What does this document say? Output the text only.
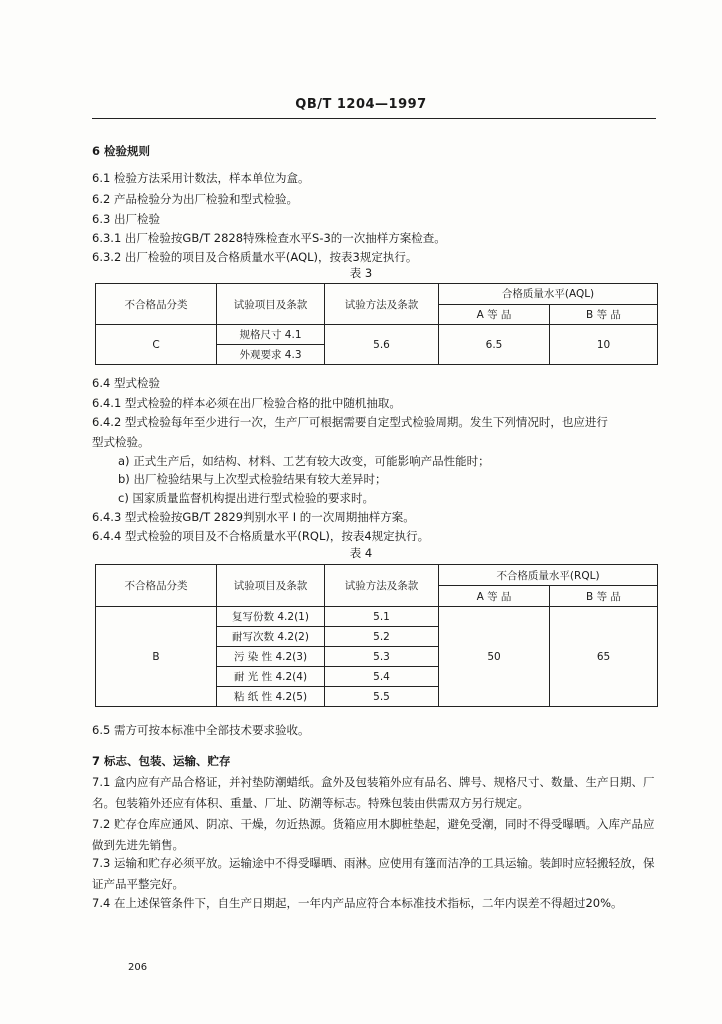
QB/T 1204—1997
6 检验规则
6.1 检验方法采用计数法，样本单位为盒。
6.2 产品检验分为出厂检验和型式检验。
6.3 出厂检验
6.3.1 出厂检验按GB/T 2828特殊检查水平S-3的一次抽样方案检查。
6.3.2 出厂检验的项目及合格质量水平(AQL)，按表3规定执行。
表 3
不合格品分类	试验项目及条款	试验方法及条款	合格质量水平(AQL)	
			A 等 品	B 等 品
C	规格尺寸 4.1	5.6	6.5	10
	外观要求 4.3			
6.4 型式检验
6.4.1 型式检验的样本必须在出厂检验合格的批中随机抽取。
6.4.2 型式检验每年至少进行一次，生产厂可根据需要自定型式检验周期。发生下列情况时，也应进行
型式检验。
a) 正式生产后，如结构、材料、工艺有较大改变，可能影响产品性能时；
b) 出厂检验结果与上次型式检验结果有较大差异时；
c) 国家质量监督机构提出进行型式检验的要求时。
6.4.3 型式检验按GB/T 2829判别水平 I 的一次周期抽样方案。
6.4.4 型式检验的项目及不合格质量水平(RQL)，按表4规定执行。
表 4
不合格品分类	试验项目及条款	试验方法及条款	不合格质量水平(RQL)	
			A 等 品	B 等 品
B	复写份数 4.2(1)	5.1	50	65
	耐写次数 4.2(2)	5.2		
	污 染 性 4.2(3)	5.3		
	耐 光 性 4.2(4)	5.4		
	粘 纸 性 4.2(5)	5.5		
6.5 需方可按本标准中全部技术要求验收。
7 标志、包装、运输、贮存
7.1 盒内应有产品合格证，并衬垫防潮蜡纸。盒外及包装箱外应有品名、牌号、规格尺寸、数量、生产日期、厂名。包装箱外还应有体积、重量、厂址、防潮等标志。特殊包装由供需双方另行规定。
7.2 贮存仓库应通风、阴凉、干燥，勿近热源。货箱应用木脚桩垫起，避免受潮，同时不得受曝晒。入库产品应做到先进先销售。
7.3 运输和贮存必须平放。运输途中不得受曝晒、雨淋。应使用有篷而洁净的工具运输。装卸时应轻搬轻放，保证产品平整完好。
7.4 在上述保管条件下，自生产日期起，一年内产品应符合本标准技术指标，二年内误差不得超过20%。
206
